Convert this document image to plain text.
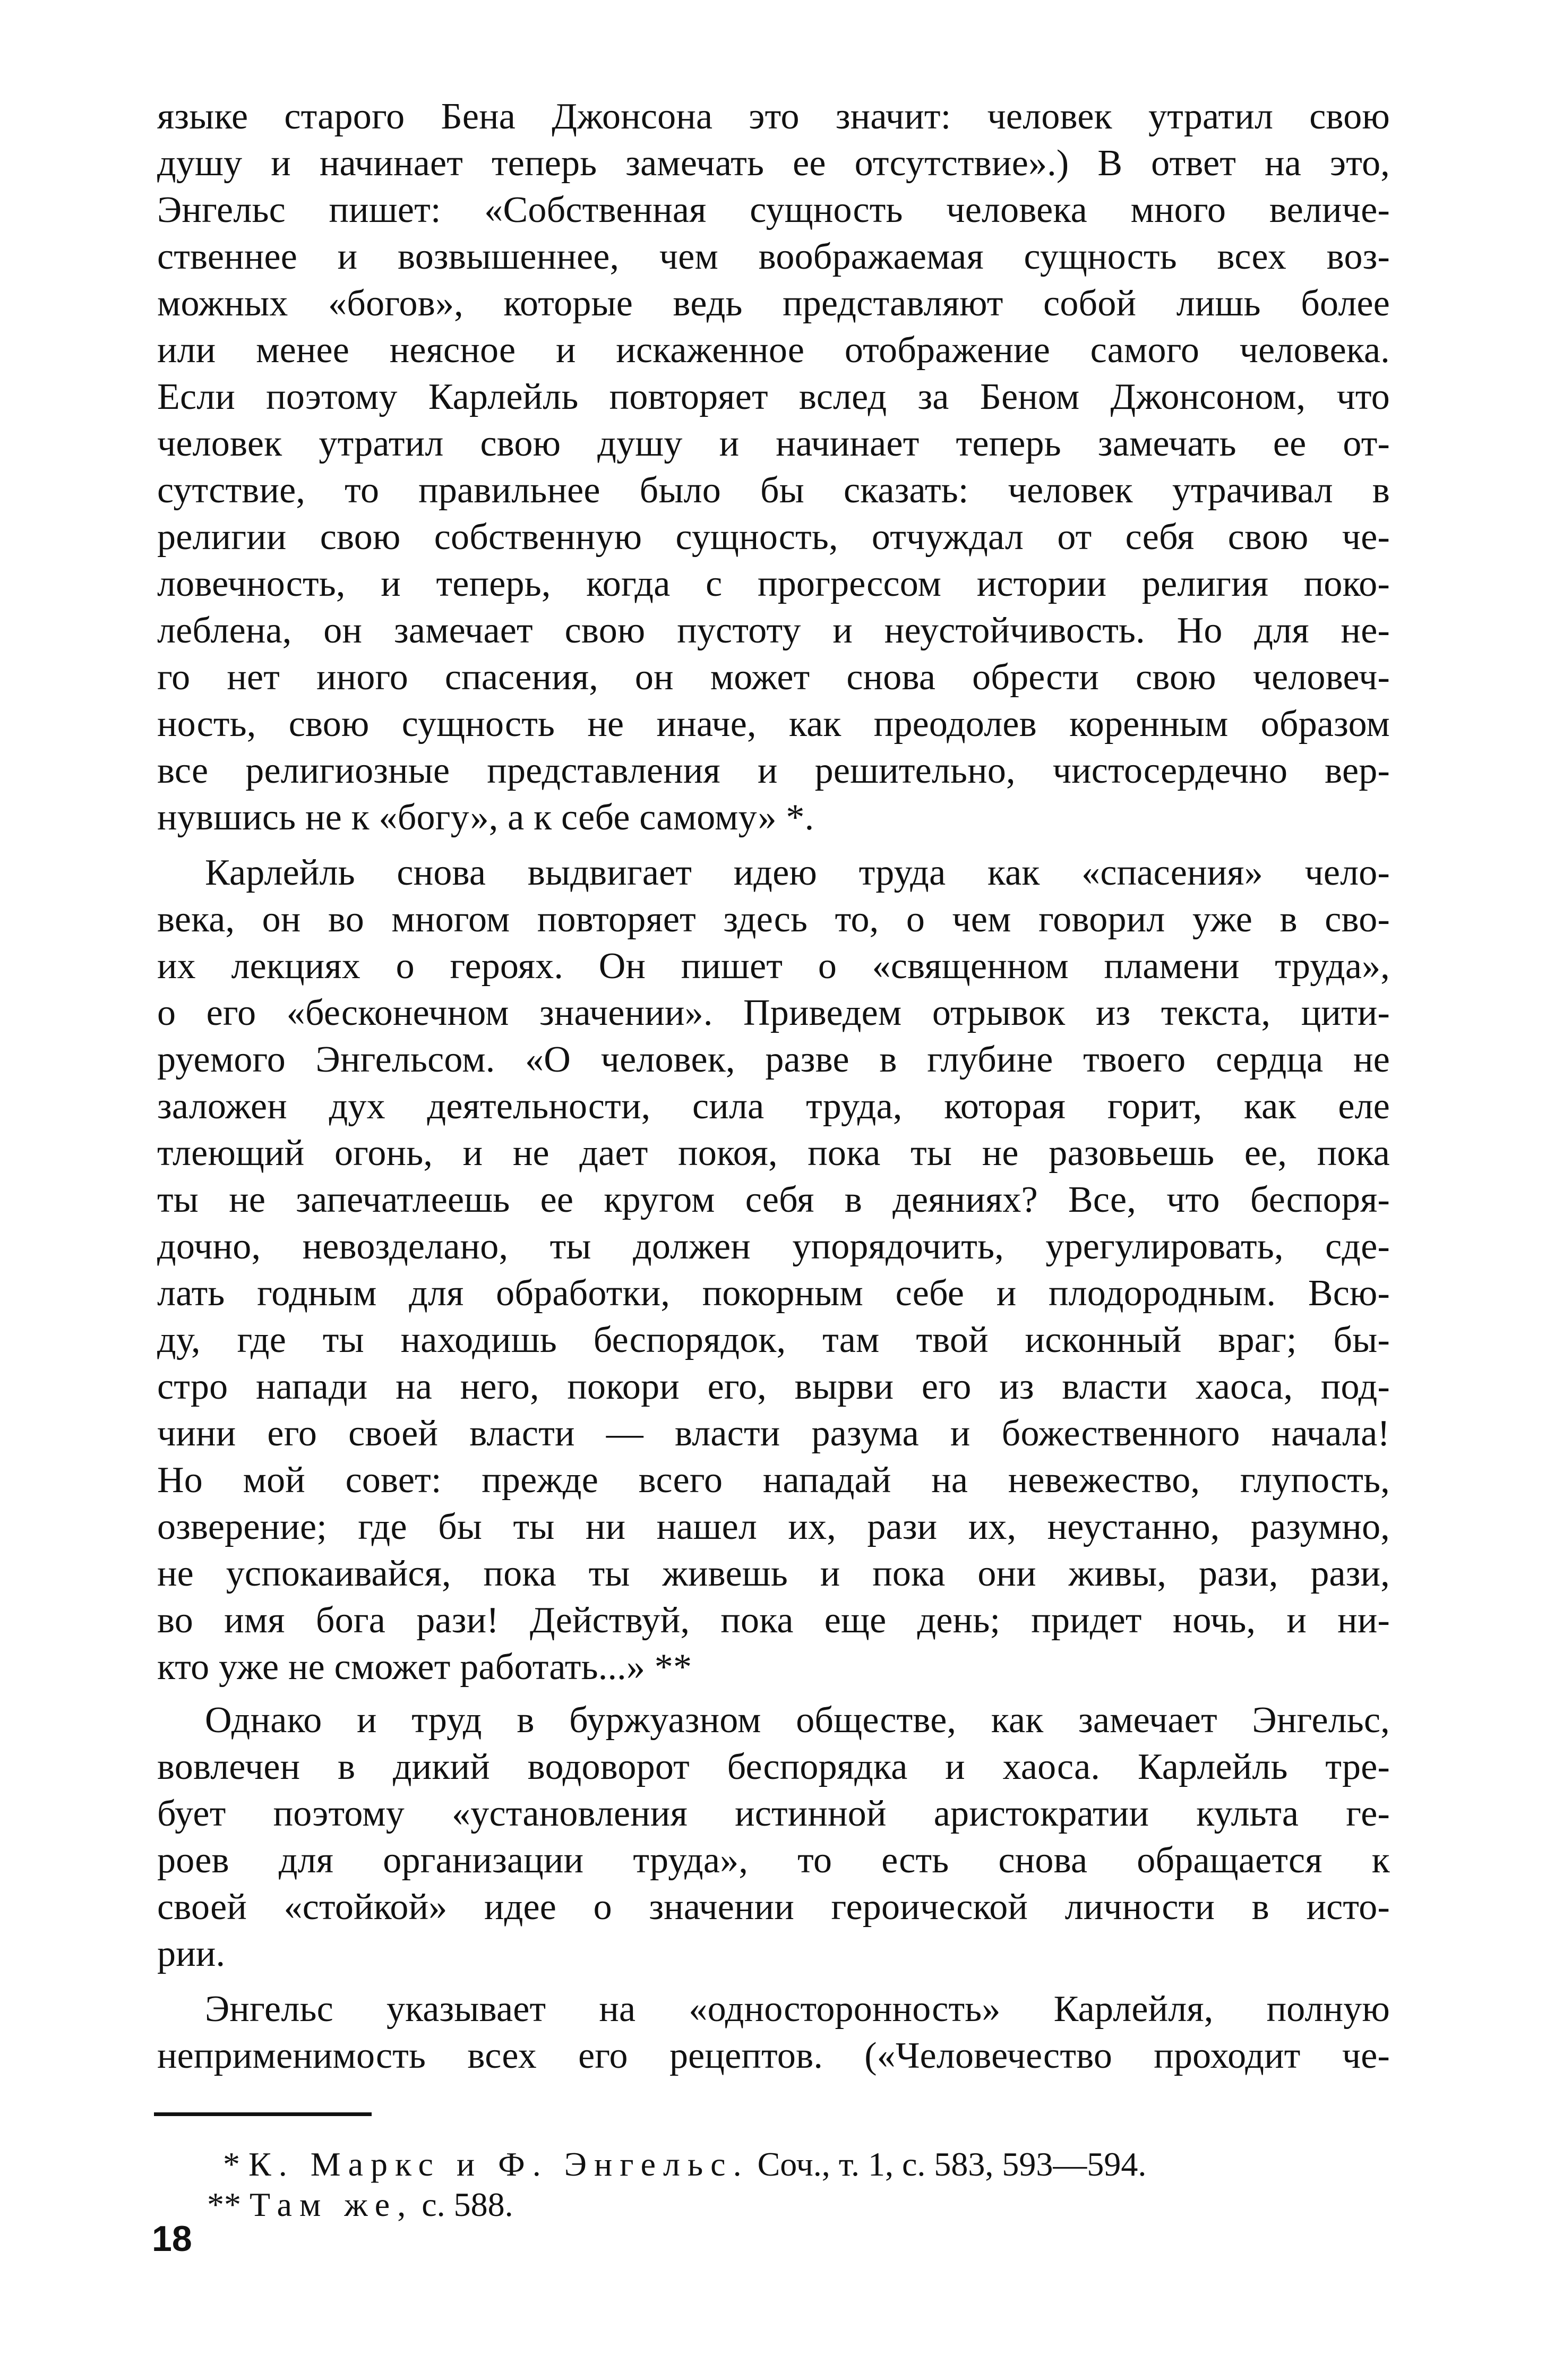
языке старого Бена Джонсона это значит: человек утратил свою
душу и начинает теперь замечать ее отсутствие».) В ответ на это,
Энгельс пишет: «Собственная сущность человека много величе-
ственнее и возвышеннее, чем воображаемая сущность всех воз-
можных «богов», которые ведь представляют собой лишь более
или менее неясное и искаженное отображение самого человека.
Если поэтому Карлейль повторяет вслед за Беном Джонсоном, что
человек утратил свою душу и начинает теперь замечать ее от-
сутствие, то правильнее было бы сказать: человек утрачивал в
религии свою собственную сущность, отчуждал от себя свою че-
ловечность, и теперь, когда с прогрессом истории религия поко-
леблена, он замечает свою пустоту и неустойчивость. Но для не-
го нет иного спасения, он может снова обрести свою человеч-
ность, свою сущность не иначе, как преодолев коренным образом
все религиозные представления и решительно, чистосердечно вер-
нувшись не к «богу», а к себе самому» *.
Карлейль снова выдвигает идею труда как «спасения» чело-
века, он во многом повторяет здесь то, о чем говорил уже в сво-
их лекциях о героях. Он пишет о «священном пламени труда»,
о его «бесконечном значении». Приведем отрывок из текста, цити-
руемого Энгельсом. «О человек, разве в глубине твоего сердца не
заложен дух деятельности, сила труда, которая горит, как еле
тлеющий огонь, и не дает покоя, пока ты не разовьешь ее, пока
ты не запечатлеешь ее кругом себя в деяниях? Все, что беспоря-
дочно, невозделано, ты должен упорядочить, урегулировать, сде-
лать годным для обработки, покорным себе и плодородным. Всю-
ду, где ты находишь беспорядок, там твой исконный враг; бы-
стро напади на него, покори его, вырви его из власти хаоса, под-
чини его своей власти — власти разума и божественного начала!
Но мой совет: прежде всего нападай на невежество, глупость,
озверение; где бы ты ни нашел их, рази их, неустанно, разумно,
не успокаивайся, пока ты живешь и пока они живы, рази, рази,
во имя бога рази! Действуй, пока еще день; придет ночь, и ни-
кто уже не сможет работать...» **
Однако и труд в буржуазном обществе, как замечает Энгельс,
вовлечен в дикий водоворот беспорядка и хаоса. Карлейль тре-
бует поэтому «установления истинной аристократии культа ге-
роев для организации труда», то есть снова обращается к
своей «стойкой» идее о значении героической личности в исто-
рии.
Энгельс указывает на «односторонность» Карлейля, полную
неприменимость всех его рецептов. («Человечество проходит че-
* К. Маркс и Ф. Энгельс. Соч., т. 1, с. 583, 593—594.
** Там же, с. 588.
18
